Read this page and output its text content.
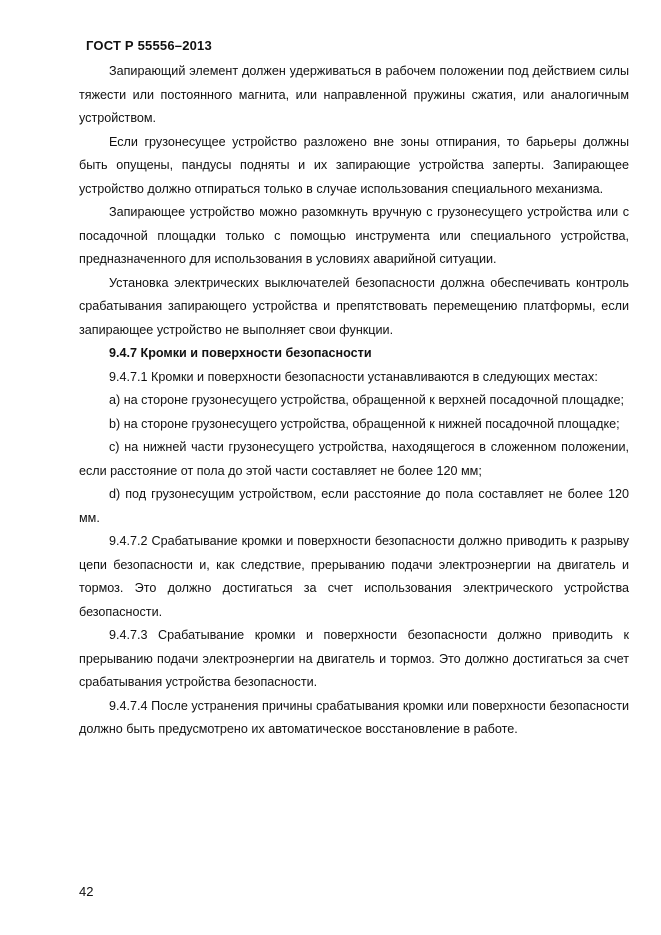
ГОСТ Р 55556–2013

Запирающий элемент должен удерживаться в рабочем положении под действием силы тяжести или постоянного магнита, или направленной пружины сжатия, или аналогичным устройством.

Если грузонесущее устройство разложено вне зоны отпирания, то барьеры должны быть опущены, пандусы подняты и их запирающие устройства заперты. Запирающее устройство должно отпираться только в случае использования специального механизма.

Запирающее устройство можно разомкнуть вручную с грузонесущего устройства или с посадочной площадки только с помощью инструмента или специального устройства, предназначенного для использования в условиях аварийной ситуации.

Установка электрических выключателей безопасности должна обеспечивать контроль срабатывания запирающего устройства и препятствовать перемещению платформы, если запирающее устройство не выполняет свои функции.

9.4.7 Кромки и поверхности безопасности

9.4.7.1 Кромки и поверхности безопасности устанавливаются в следующих местах:

a) на стороне грузонесущего устройства, обращенной к верхней посадочной площадке;

b) на стороне грузонесущего устройства, обращенной к нижней посадочной площадке;

c) на нижней части грузонесущего устройства, находящегося в сложенном положении, если расстояние от пола до этой части составляет не более 120 мм;

d) под грузонесущим устройством, если расстояние до пола составляет не более 120 мм.

9.4.7.2 Срабатывание кромки и поверхности безопасности должно приводить к разрыву цепи безопасности и, как следствие, прерыванию подачи электроэнергии на двигатель и тормоз. Это должно достигаться за счет использования электрического устройства безопасности.

9.4.7.3 Срабатывание кромки и поверхности безопасности должно приводить к прерыванию подачи электроэнергии на двигатель и тормоз. Это должно достигаться за счет срабатывания устройства безопасности.

9.4.7.4 После устранения причины срабатывания кромки или поверхности безопасности должно быть предусмотрено их автоматическое восстановление в работе.

42
